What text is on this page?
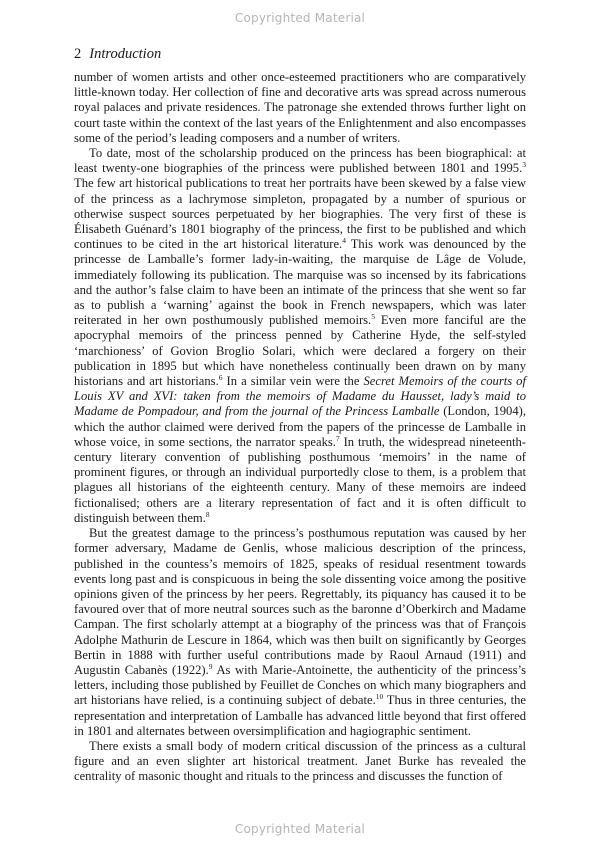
Copyrighted Material
2 Introduction

number of women artists and other once-esteemed practitioners who are comparatively little-known today. Her collection of fine and decorative arts was spread across numerous royal palaces and private residences. The patronage she extended throws further light on court taste within the context of the last years of the Enlightenment and also encompasses some of the period’s leading composers and a number of writers.

To date, most of the scholarship produced on the princess has been biographical: at least twenty-one biographies of the princess were published between 1801 and 1995.$^3$ The few art historical publications to treat her portraits have been skewed by a false view of the princess as a lachrymose simpleton, propagated by a number of spurious or otherwise suspect sources perpetuated by her biographies. The very first of these is Élisabeth Guénard’s 1801 biography of the princess, the first to be published and which continues to be cited in the art historical literature.$^4$ This work was denounced by the princesse de Lamballe’s former lady-in-waiting, the marquise de Lâge de Volude, immediately following its publication. The marquise was so incensed by its fabrications and the author’s false claim to have been an intimate of the princess that she went so far as to publish a ‘warning’ against the book in French newspapers, which was later reiterated in her own posthumously published memoirs.$^5$ Even more fanciful are the apocryphal memoirs of the princess penned by Catherine Hyde, the self-styled ‘marchioness’ of Govion Broglio Solari, which were declared a forgery on their publication in 1895 but which have nonetheless continually been drawn on by many historians and art historians.$^6$ In a similar vein were the Secret Memoirs of the courts of Louis XV and XVI: taken from the memoirs of Madame du Hausset, lady’s maid to Madame de Pompadour, and from the journal of the Princess Lamballe (London, 1904), which the author claimed were derived from the papers of the princesse de Lamballe in whose voice, in some sections, the narrator speaks.$^7$ In truth, the widespread nineteenth-century literary convention of publishing posthumous ‘memoirs’ in the name of prominent figures, or through an individual purportedly close to them, is a problem that plagues all historians of the eighteenth century. Many of these memoirs are indeed fictionalised; others are a literary representation of fact and it is often difficult to distinguish between them.$^8$

But the greatest damage to the princess’s posthumous reputation was caused by her former adversary, Madame de Genlis, whose malicious description of the princess, published in the countess’s memoirs of 1825, speaks of residual resentment towards events long past and is conspicuous in being the sole dissenting voice among the positive opinions given of the princess by her peers. Regrettably, its piquancy has caused it to be favoured over that of more neutral sources such as the baronne d’Oberkirch and Madame Campan. The first scholarly attempt at a biography of the princess was that of François Adolphe Mathurin de Lescure in 1864, which was then built on significantly by Georges Bertin in 1888 with further useful contributions made by Raoul Arnaud (1911) and Augustin Cabanès (1922).$^9$ As with Marie-Antoinette, the authenticity of the princess’s letters, including those published by Feuillet de Conches on which many biographers and art historians have relied, is a continuing subject of debate.$^{10}$ Thus in three centuries, the representation and interpretation of Lamballe has advanced little beyond that first offered in 1801 and alternates between oversimplification and hagiographic sentiment.

There exists a small body of modern critical discussion of the princess as a cultural figure and an even slighter art historical treatment. Janet Burke has revealed the centrality of masonic thought and rituals to the princess and discusses the function of

Copyrighted Material
